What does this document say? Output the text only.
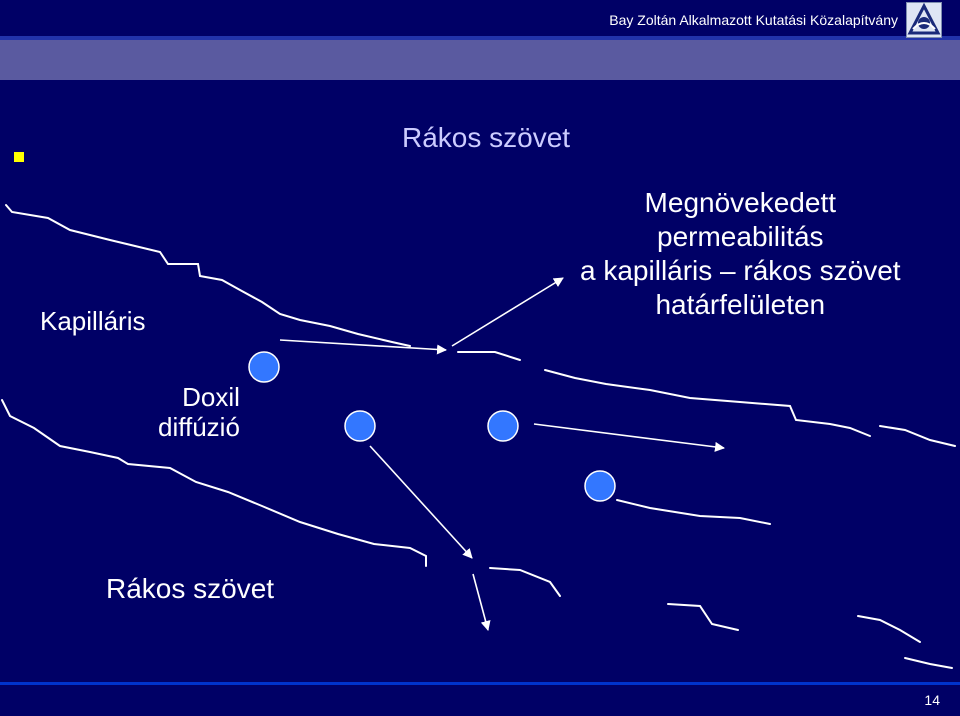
Bay Zoltán Alkalmazott Kutatási Közalapítvány
Rákos szövet
Megnövekedett
permeabilitás
a kapilláris – rákos szövet
határfelületen
Kapilláris
Doxil
diffúzió
Rákos szövet
14
